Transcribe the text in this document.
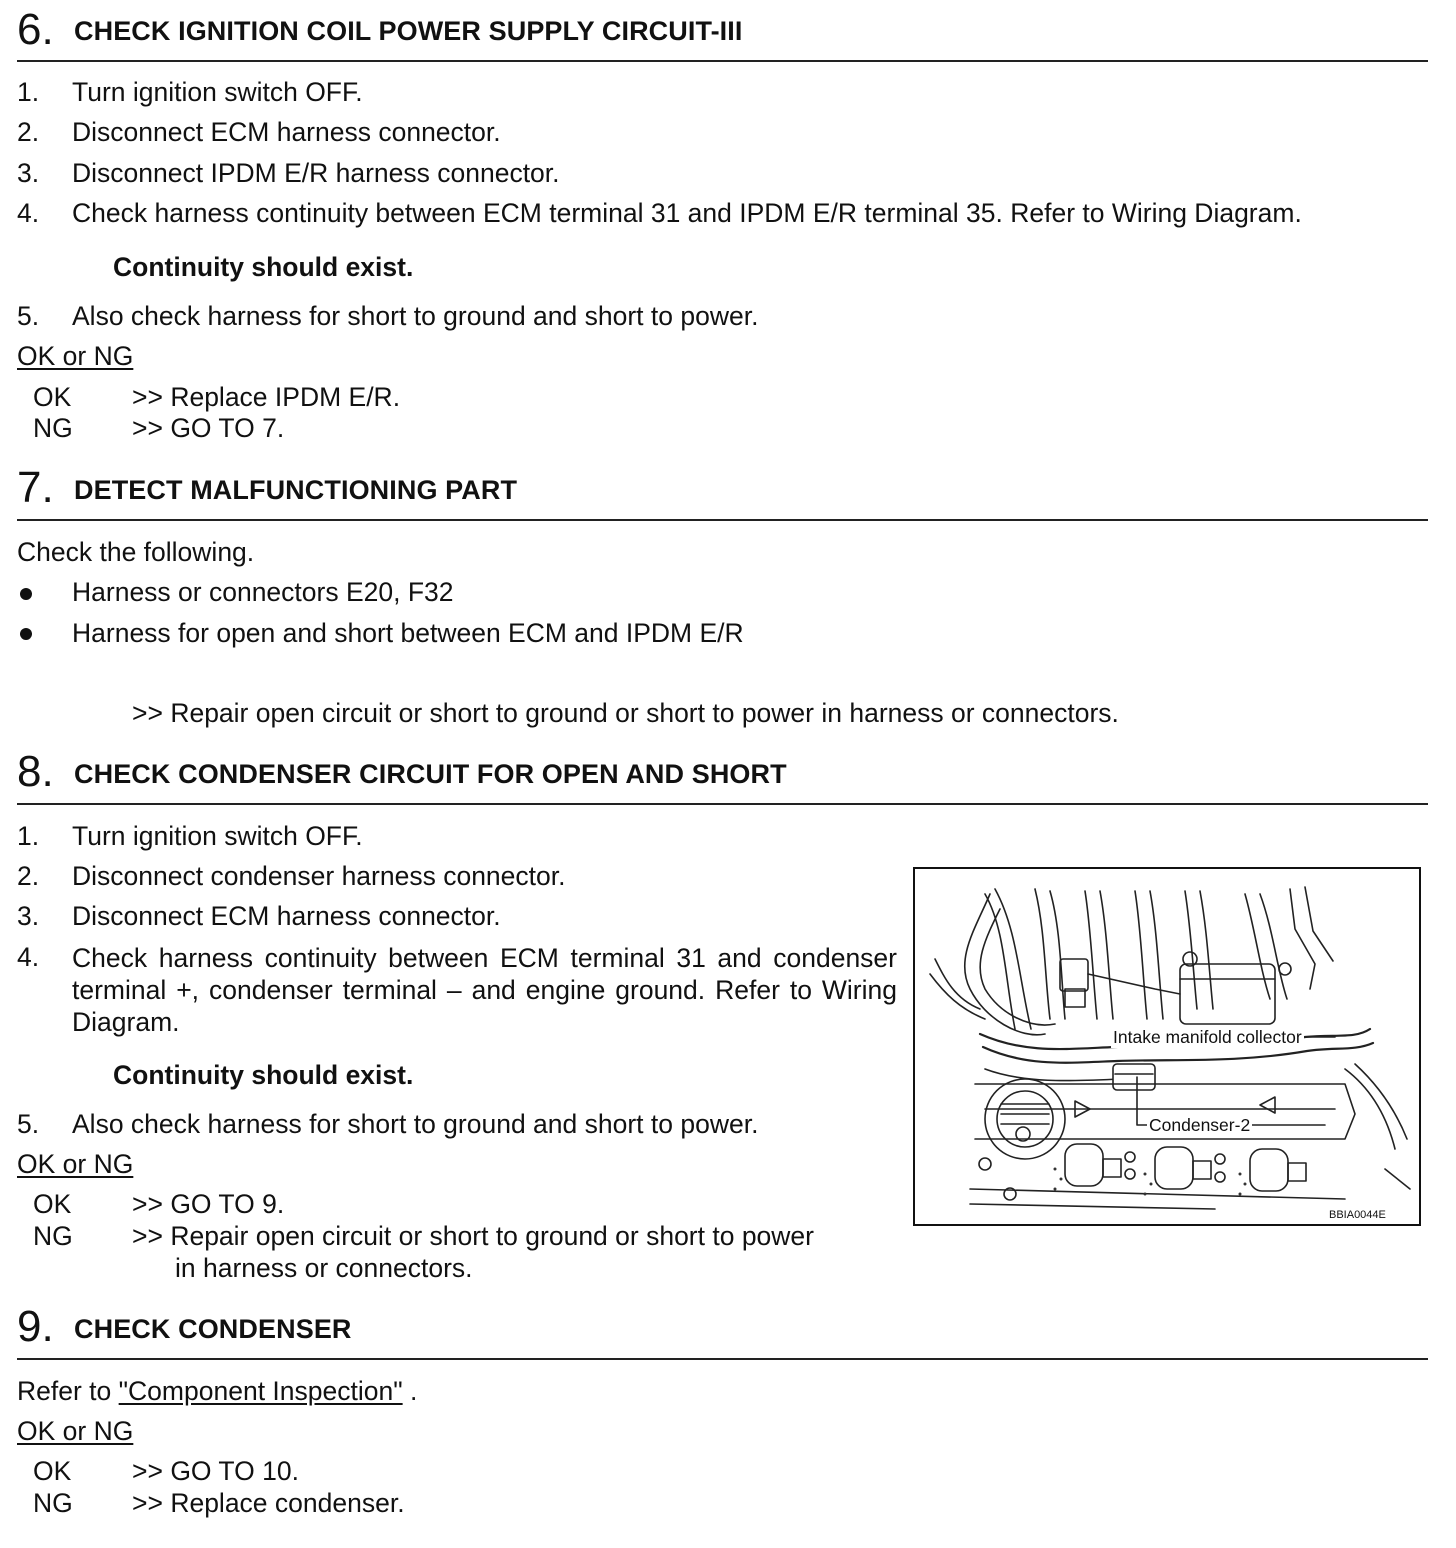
6. CHECK IGNITION COIL POWER SUPPLY CIRCUIT-III
1. Turn ignition switch OFF.
2. Disconnect ECM harness connector.
3. Disconnect IPDM E/R harness connector.
4. Check harness continuity between ECM terminal 31 and IPDM E/R terminal 35. Refer to Wiring Diagram.
Continuity should exist.
5. Also check harness for short to ground and short to power.
OK or NG
OK >> Replace IPDM E/R.
NG >> GO TO 7.
7. DETECT MALFUNCTIONING PART
Check the following.
Harness or connectors E20, F32
Harness for open and short between ECM and IPDM E/R
>> Repair open circuit or short to ground or short to power in harness or connectors.
8. CHECK CONDENSER CIRCUIT FOR OPEN AND SHORT
1. Turn ignition switch OFF.
2. Disconnect condenser harness connector.
3. Disconnect ECM harness connector.
4. Check harness continuity between ECM terminal 31 and condenser terminal +, condenser terminal – and engine ground. Refer to Wiring Diagram.
Continuity should exist.
5. Also check harness for short to ground and short to power.
OK or NG
OK >> GO TO 9.
NG >> Repair open circuit or short to ground or short to power
in harness or connectors.
Intake manifold collector
Condenser-2
BBIA0044E
9. CHECK CONDENSER
Refer to "Component Inspection" .
OK or NG
OK >> GO TO 10.
NG >> Replace condenser.
